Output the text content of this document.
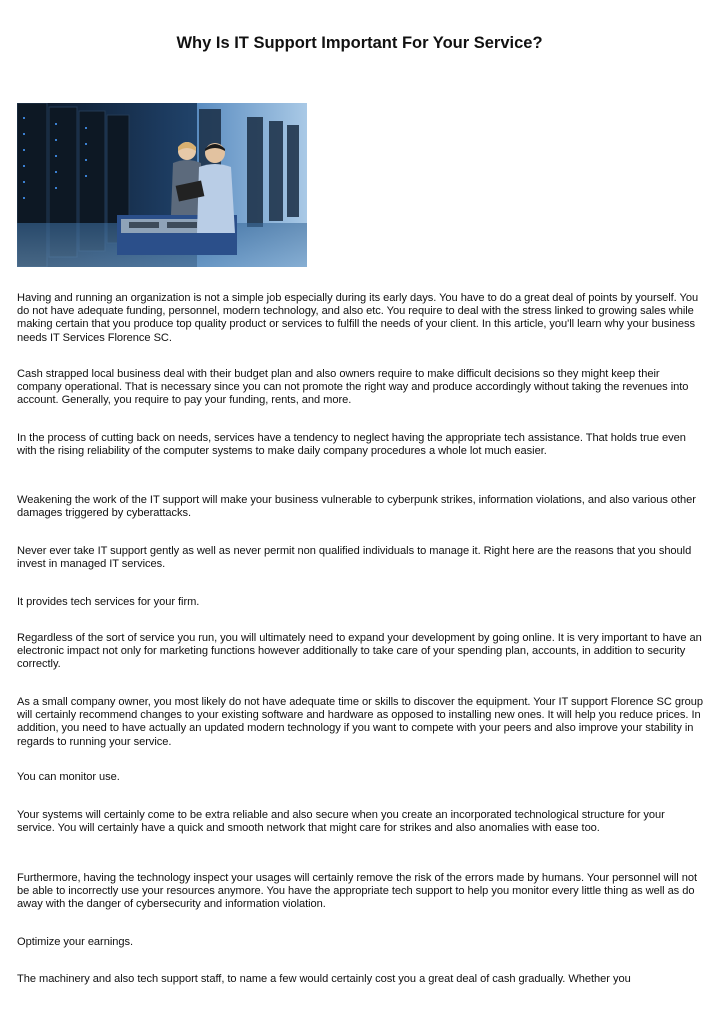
Why Is IT Support Important For Your Service?

Having and running an organization is not a simple job especially during its early days. You have to do a great deal of points by yourself. You do not have adequate funding, personnel, modern technology, and also etc. You require to deal with the stress linked to growing sales while making certain that you produce top quality product or services to fulfill the needs of your client. In this article, you'll learn why your business needs IT Services Florence SC.

Cash strapped local business deal with their budget plan and also owners require to make difficult decisions so they might keep their company operational. That is necessary since you can not promote the right way and produce accordingly without taking the revenues into account. Generally, you require to pay your funding, rents, and more.

In the process of cutting back on needs, services have a tendency to neglect having the appropriate tech assistance. That holds true even with the rising reliability of the computer systems to make daily company procedures a whole lot much easier.

Weakening the work of the IT support will make your business vulnerable to cyberpunk strikes, information violations, and also various other damages triggered by cyberattacks.

Never ever take IT support gently as well as never permit non qualified individuals to manage it. Right here are the reasons that you should invest in managed IT services.

It provides tech services for your firm.

Regardless of the sort of service you run, you will ultimately need to expand your development by going online. It is very important to have an electronic impact not only for marketing functions however additionally to take care of your spending plan, accounts, in addition to security correctly.

As a small company owner, you most likely do not have adequate time or skills to discover the equipment. Your IT support Florence SC group will certainly recommend changes to your existing software and hardware as opposed to installing new ones. It will help you reduce prices. In addition, you need to have actually an updated modern technology if you want to compete with your peers and also improve your stability in regards to running your service.

You can monitor use.

Your systems will certainly come to be extra reliable and also secure when you create an incorporated technological structure for your service. You will certainly have a quick and smooth network that might care for strikes and also anomalies with ease too.

Furthermore, having the technology inspect your usages will certainly remove the risk of the errors made by humans. Your personnel will not be able to incorrectly use your resources anymore. You have the appropriate tech support to help you monitor every little thing as well as do away with the danger of cybersecurity and information violation.

Optimize your earnings.

The machinery and also tech support staff, to name a few would certainly cost you a great deal of cash gradually. Whether you
